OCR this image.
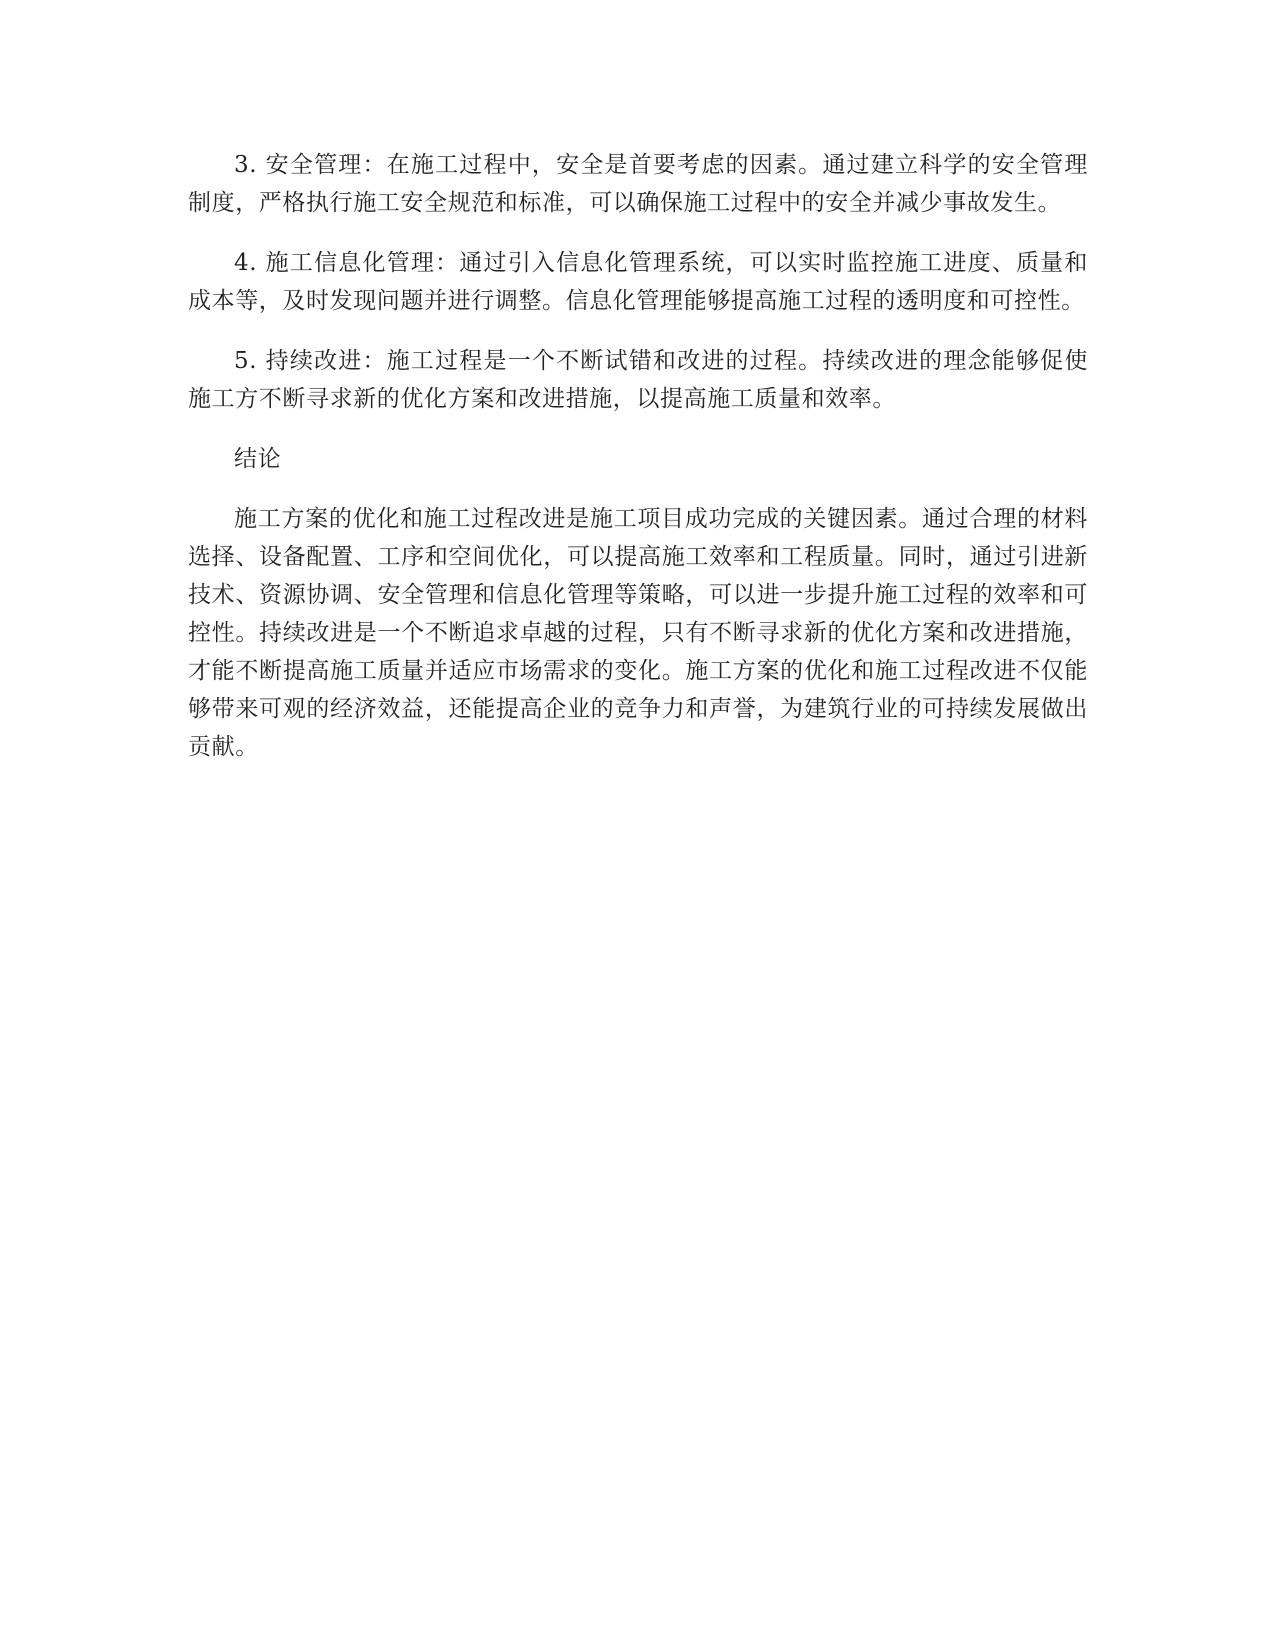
3. 安全管理：在施工过程中，安全是首要考虑的因素。通过建立科学的安全管理制度，严格执行施工安全规范和标准，可以确保施工过程中的安全并减少事故发生。

4. 施工信息化管理：通过引入信息化管理系统，可以实时监控施工进度、质量和成本等，及时发现问题并进行调整。信息化管理能够提高施工过程的透明度和可控性。

5. 持续改进：施工过程是一个不断试错和改进的过程。持续改进的理念能够促使施工方不断寻求新的优化方案和改进措施，以提高施工质量和效率。

结论

施工方案的优化和施工过程改进是施工项目成功完成的关键因素。通过合理的材料选择、设备配置、工序和空间优化，可以提高施工效率和工程质量。同时，通过引进新技术、资源协调、安全管理和信息化管理等策略，可以进一步提升施工过程的效率和可控性。持续改进是一个不断追求卓越的过程，只有不断寻求新的优化方案和改进措施，才能不断提高施工质量并适应市场需求的变化。施工方案的优化和施工过程改进不仅能够带来可观的经济效益，还能提高企业的竞争力和声誉，为建筑行业的可持续发展做出贡献。
